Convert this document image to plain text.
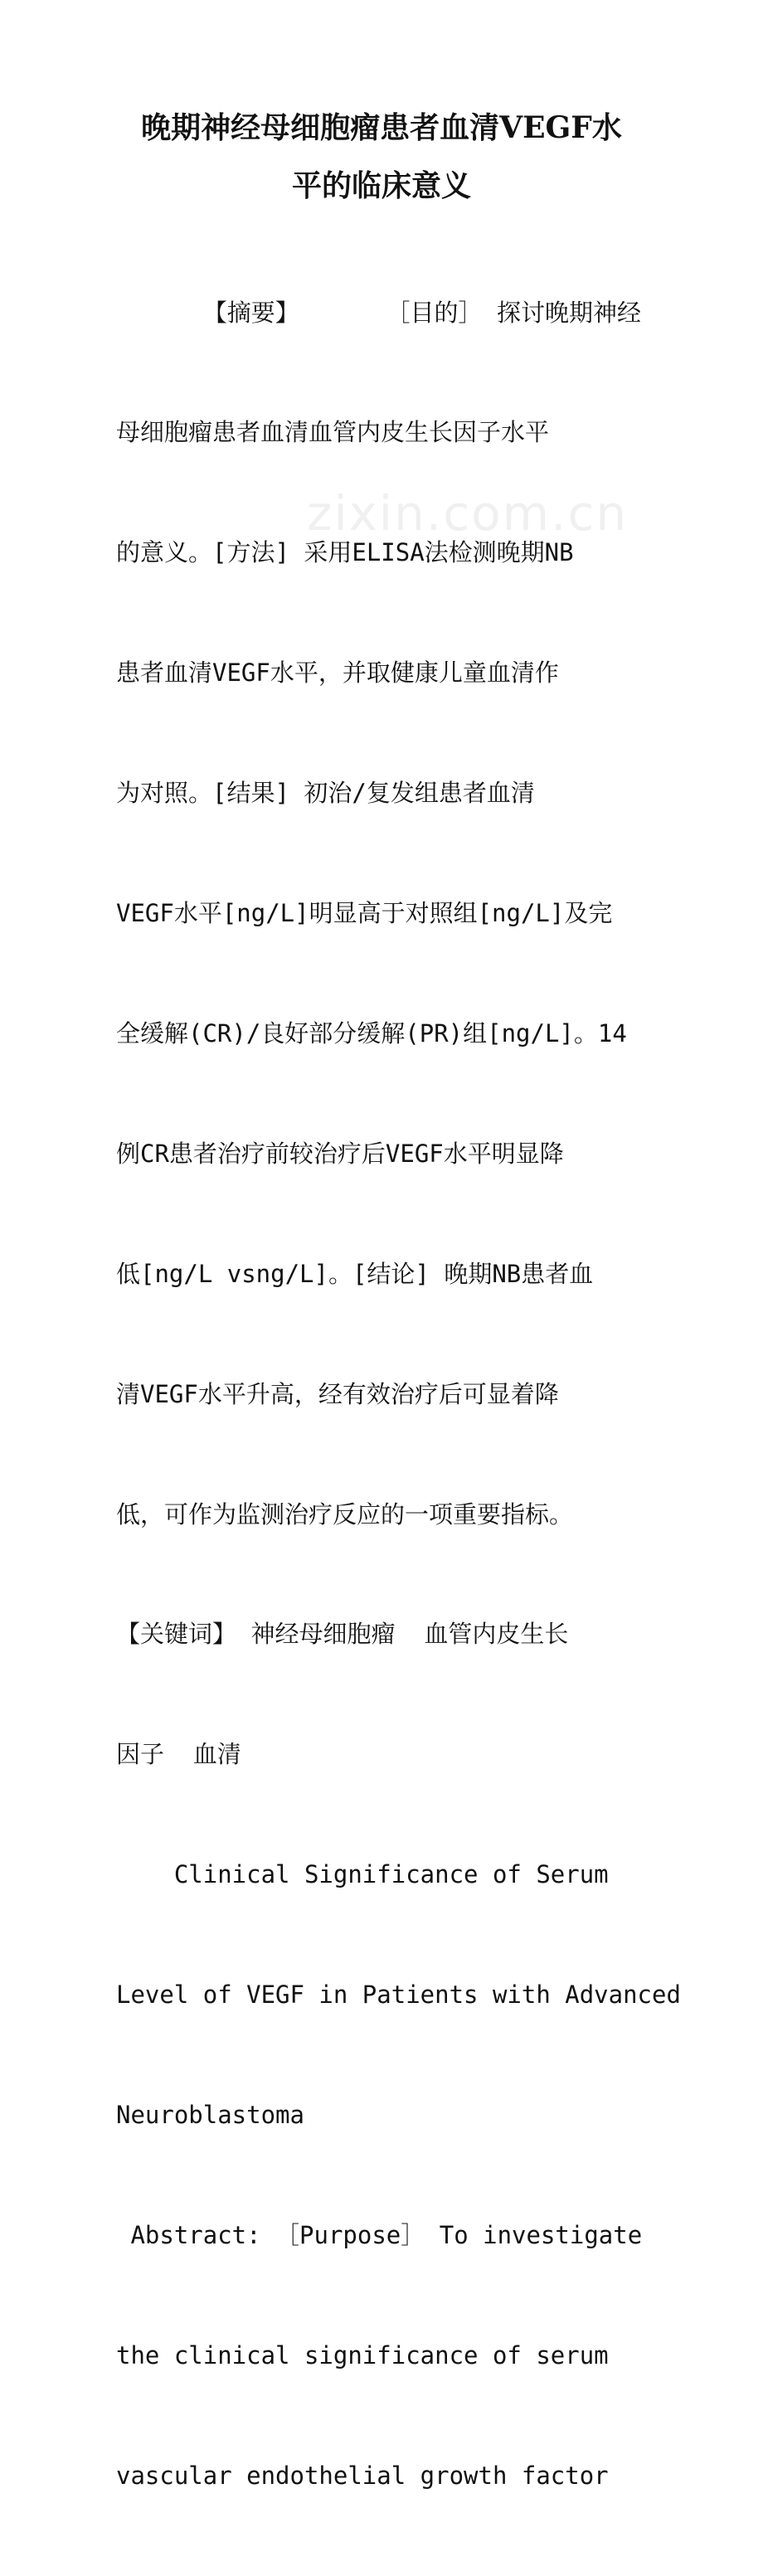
晚期神经母细胞瘤患者血清VEGF水
平的临床意义

【摘要】      ［目的］ 探讨晚期神经

母细胞瘤患者血清血管内皮生长因子水平

的意义。[方法] 采用ELISA法检测晚期NB

患者血清VEGF水平，并取健康儿童血清作

为对照。[结果] 初治/复发组患者血清

VEGF水平[ng/L]明显高于对照组[ng/L]及完

全缓解(CR)/良好部分缓解(PR)组[ng/L]。14

例CR患者治疗前较治疗后VEGF水平明显降

低[ng/L vsng/L]。[结论] 晚期NB患者血

清VEGF水平升高，经有效治疗后可显着降

低，可作为监测治疗反应的一项重要指标。

【关键词】 神经母细胞瘤  血管内皮生长

因子  血清

Clinical Significance of Serum

Level of VEGF in Patients with Advanced

Neuroblastoma

Abstract: ［Purpose］ To investigate

the clinical significance of serum

vascular endothelial growth factor

zixin.com.cn
